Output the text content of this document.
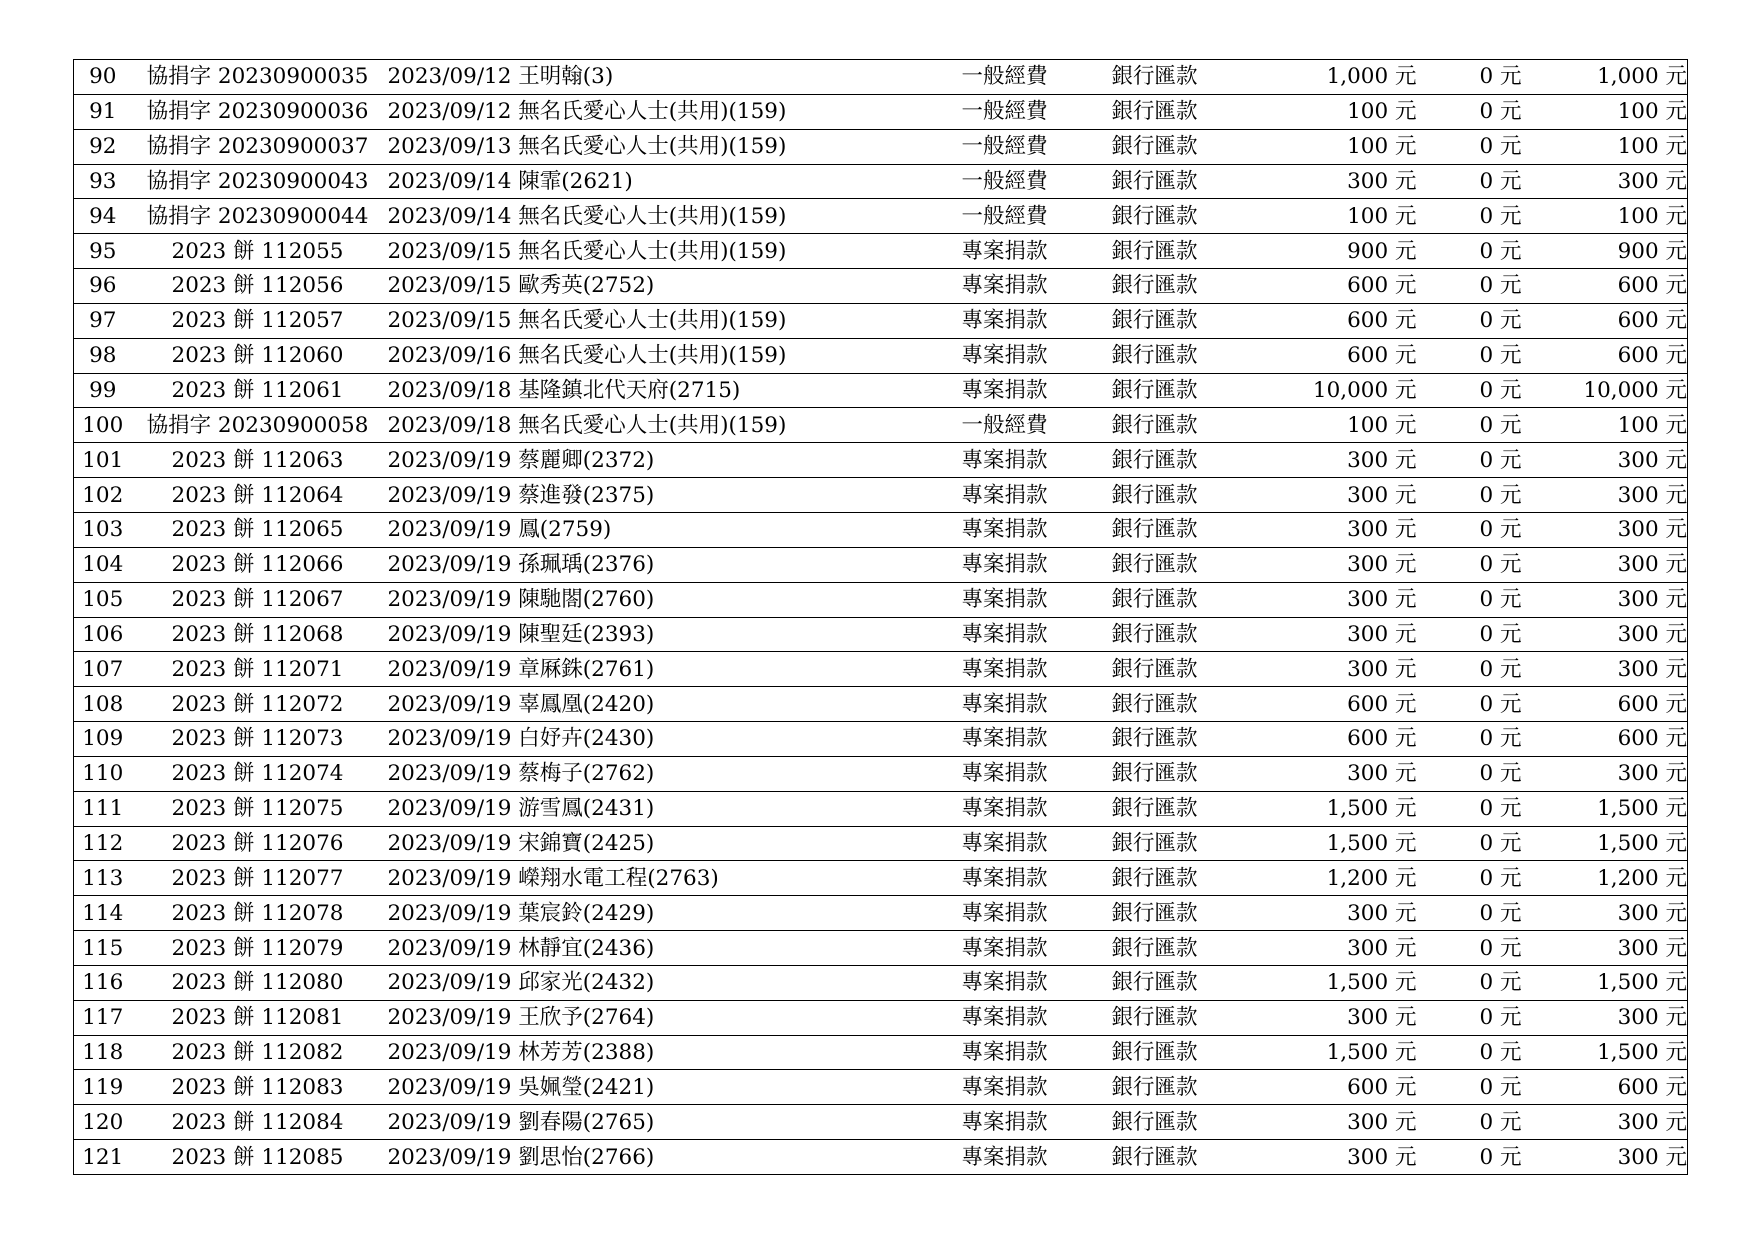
90	協捐字 20230900035	2023/09/12 王明翰(3)	一般經費	銀行匯款	1,000 元	0 元	1,000 元
91	協捐字 20230900036	2023/09/12 無名氏愛心人士(共用)(159)	一般經費	銀行匯款	100 元	0 元	100 元
92	協捐字 20230900037	2023/09/13 無名氏愛心人士(共用)(159)	一般經費	銀行匯款	100 元	0 元	100 元
93	協捐字 20230900043	2023/09/14 陳霏(2621)	一般經費	銀行匯款	300 元	0 元	300 元
94	協捐字 20230900044	2023/09/14 無名氏愛心人士(共用)(159)	一般經費	銀行匯款	100 元	0 元	100 元
95	2023 餅 112055	2023/09/15 無名氏愛心人士(共用)(159)	專案捐款	銀行匯款	900 元	0 元	900 元
96	2023 餅 112056	2023/09/15 歐秀英(2752)	專案捐款	銀行匯款	600 元	0 元	600 元
97	2023 餅 112057	2023/09/15 無名氏愛心人士(共用)(159)	專案捐款	銀行匯款	600 元	0 元	600 元
98	2023 餅 112060	2023/09/16 無名氏愛心人士(共用)(159)	專案捐款	銀行匯款	600 元	0 元	600 元
99	2023 餅 112061	2023/09/18 基隆鎮北代天府(2715)	專案捐款	銀行匯款	10,000 元	0 元	10,000 元
100	協捐字 20230900058	2023/09/18 無名氏愛心人士(共用)(159)	一般經費	銀行匯款	100 元	0 元	100 元
101	2023 餅 112063	2023/09/19 蔡麗卿(2372)	專案捐款	銀行匯款	300 元	0 元	300 元
102	2023 餅 112064	2023/09/19 蔡進發(2375)	專案捐款	銀行匯款	300 元	0 元	300 元
103	2023 餅 112065	2023/09/19 鳳(2759)	專案捐款	銀行匯款	300 元	0 元	300 元
104	2023 餅 112066	2023/09/19 孫珮瑀(2376)	專案捐款	銀行匯款	300 元	0 元	300 元
105	2023 餅 112067	2023/09/19 陳馳閤(2760)	專案捐款	銀行匯款	300 元	0 元	300 元
106	2023 餅 112068	2023/09/19 陳聖廷(2393)	專案捐款	銀行匯款	300 元	0 元	300 元
107	2023 餅 112071	2023/09/19 章厤銖(2761)	專案捐款	銀行匯款	300 元	0 元	300 元
108	2023 餅 112072	2023/09/19 辜鳳凰(2420)	專案捐款	銀行匯款	600 元	0 元	600 元
109	2023 餅 112073	2023/09/19 白妤卉(2430)	專案捐款	銀行匯款	600 元	0 元	600 元
110	2023 餅 112074	2023/09/19 蔡梅子(2762)	專案捐款	銀行匯款	300 元	0 元	300 元
111	2023 餅 112075	2023/09/19 游雪鳳(2431)	專案捐款	銀行匯款	1,500 元	0 元	1,500 元
112	2023 餅 112076	2023/09/19 宋錦寶(2425)	專案捐款	銀行匯款	1,500 元	0 元	1,500 元
113	2023 餅 112077	2023/09/19 嶸翔水電工程(2763)	專案捐款	銀行匯款	1,200 元	0 元	1,200 元
114	2023 餅 112078	2023/09/19 葉宸鈴(2429)	專案捐款	銀行匯款	300 元	0 元	300 元
115	2023 餅 112079	2023/09/19 林靜宜(2436)	專案捐款	銀行匯款	300 元	0 元	300 元
116	2023 餅 112080	2023/09/19 邱家光(2432)	專案捐款	銀行匯款	1,500 元	0 元	1,500 元
117	2023 餅 112081	2023/09/19 王欣予(2764)	專案捐款	銀行匯款	300 元	0 元	300 元
118	2023 餅 112082	2023/09/19 林芳芳(2388)	專案捐款	銀行匯款	1,500 元	0 元	1,500 元
119	2023 餅 112083	2023/09/19 吳姵瑩(2421)	專案捐款	銀行匯款	600 元	0 元	600 元
120	2023 餅 112084	2023/09/19 劉春陽(2765)	專案捐款	銀行匯款	300 元	0 元	300 元
121	2023 餅 112085	2023/09/19 劉思怡(2766)	專案捐款	銀行匯款	300 元	0 元	300 元
